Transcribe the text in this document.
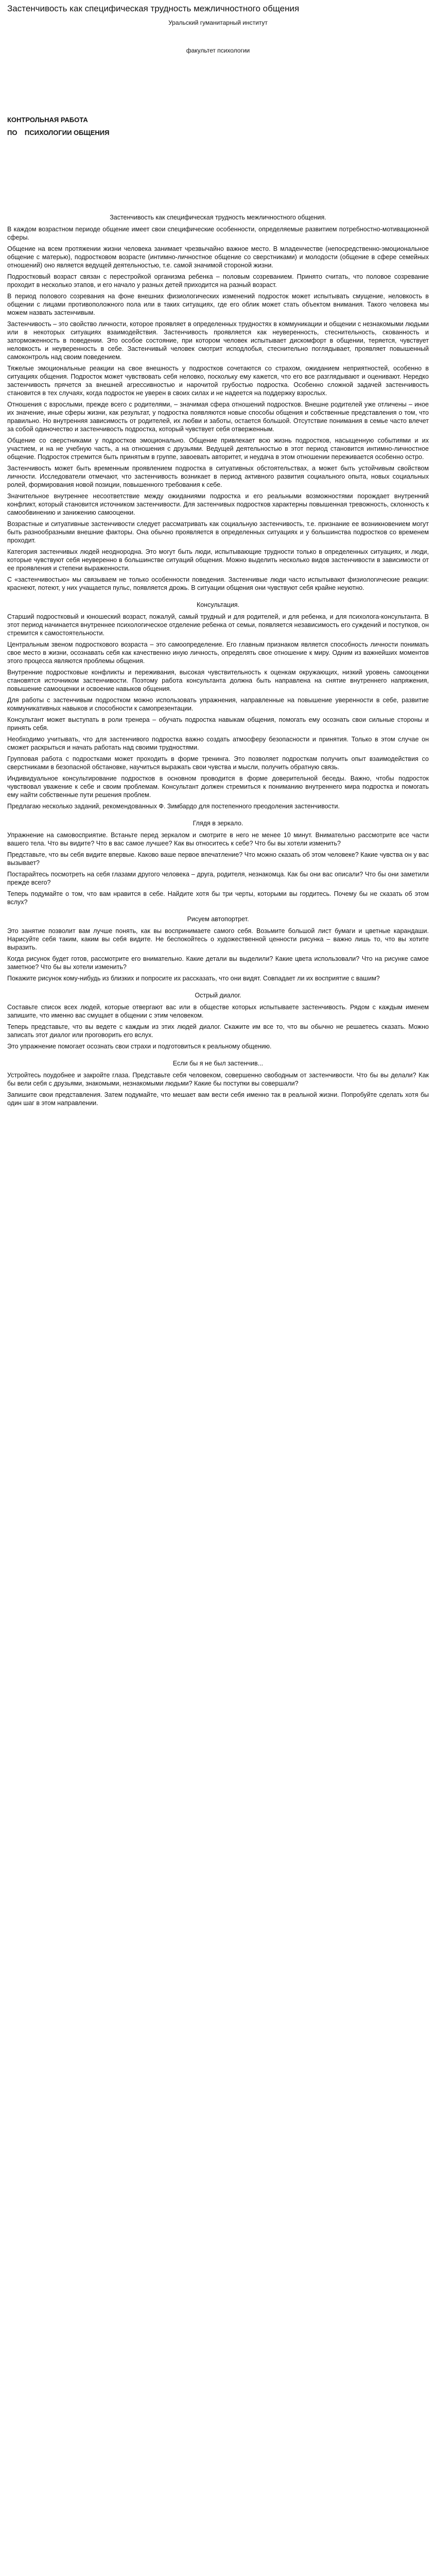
Застенчивость как специфическая трудность межличностного общения

Уральский гуманитарный институт

факультет психологии

КОНТРОЛЬНАЯ РАБОТА
ПО ПСИХОЛОГИИ ОБЩЕНИЯ
Застенчивость как специфическая трудность межличностного общения.

В каждом возрастном периоде общение имеет свои специфические особенности, определяемые развитием потребностно-мотивационной сферы.

Общение на всем протяжении жизни человека занимает чрезвычайно важное место. В младенчестве (непосредственно-эмоциональное общение с матерью), подростковом возрасте (интимно-личностное общение со сверстниками) и молодости (общение в сфере семейных отношений) оно является ведущей деятельностью, т.е. самой значимой стороной жизни.

Подростковый возраст связан с перестройкой организма ребенка – половым созреванием. Принято считать, что половое созревание проходит в несколько этапов, и его начало у разных детей приходится на разный возраст.

В период полового созревания на фоне внешних физиологических изменений подросток может испытывать смущение, неловкость в общении с лицами противоположного пола или в таких ситуациях, где его облик может стать объектом внимания. Такого человека мы можем назвать застенчивым.

Застенчивость – это свойство личности, которое проявляет в определенных трудностях в коммуникации и общении с незнакомыми людьми или в некоторых ситуациях взаимодействия. Застенчивость проявляется как неуверенность, стеснительность, скованность и заторможенность в поведении. Это особое состояние, при котором человек испытывает дискомфорт в общении, теряется, чувствует неловкость и неуверенность в себе. Застенчивый человек смотрит исподлобья, стеснительно поглядывает, проявляет повышенный самоконтроль над своим поведением.

Тяжелые эмоциональные реакции на свое внешность у подростков сочетаются со страхом, ожиданием неприятностей, особенно в ситуациях общения. Подросток может чувствовать себя неловко, поскольку ему кажется, что его все разглядывают и оценивают. Нередко застенчивость прячется за внешней агрессивностью и нарочитой грубостью подростка. Особенно сложной задачей застенчивость становится в тех случаях, когда подросток не уверен в своих силах и не надеется на поддержку взрослых.

Отношения с взрослыми, прежде всего с родителями, – значимая сфера отношений подростков. Внешне родителей уже отличены – иное их значение, иные сферы жизни, как результат, у подростка появляются новые способы общения и собственные представления о том, что правильно. Но внутренняя зависимость от родителей, их любви и заботы, остается большой. Отсутствие понимания в семье часто влечет за собой одиночество и застенчивость подростка, который чувствует себя отверженным.

Общение со сверстниками у подростков эмоционально. Общение привлекает всю жизнь подростков, насыщенную событиями и их участием, и на не учебную часть, а на отношения с друзьями. Ведущей деятельностью в этот период становится интимно-личностное общение. Подросток стремится быть принятым в группе, завоевать авторитет, и неудача в этом отношении переживается особенно остро.

Застенчивость может быть временным проявлением подростка в ситуативных обстоятельствах, а может быть устойчивым свойством личности. Исследователи отмечают, что застенчивость возникает в период активного развития социального опыта, новых социальных ролей, формирования новой позиции, повышенного требования к себе.

Значительное внутреннее несоответствие между ожиданиями подростка и его реальными возможностями порождает внутренний конфликт, который становится источником застенчивости. Для застенчивых подростков характерны повышенная тревожность, склонность к самообвинению и занижению самооценки.

Возрастные и ситуативные застенчивости следует рассматривать как социальную застенчивость, т.е. признание ее возникновением могут быть разнообразными внешние факторы. Она обычно проявляется в определенных ситуациях и у большинства подростков со временем проходит.

Категория застенчивых людей неоднородна. Это могут быть люди, испытывающие трудности только в определенных ситуациях, и люди, которые чувствуют себя неуверенно в большинстве ситуаций общения. Можно выделить несколько видов застенчивости в зависимости от ее проявления и степени выраженности.

С «застенчивостью» мы связываем не только особенности поведения. Застенчивые люди часто испытывают физиологические реакции: краснеют, потеют, у них учащается пульс, появляется дрожь. В ситуации общения они чувствуют себя крайне неуютно.

Консультация.

Старший подростковый и юношеский возраст, пожалуй, самый трудный и для родителей, и для ребенка, и для психолога-консультанта. В этот период начинается внутреннее психологическое отделение ребенка от семьи, появляется независимость его суждений и поступков, он стремится к самостоятельности.

Центральным звеном подросткового возраста – это самоопределение. Его главным признаком является способность личности понимать свое место в жизни, осознавать себя как качественно иную личность, определять свое отношение к миру. Одним из важнейших моментов этого процесса являются проблемы общения.

Внутренние подростковые конфликты и переживания, высокая чувствительность к оценкам окружающих, низкий уровень самооценки становятся источником застенчивости. Поэтому работа консультанта должна быть направлена на снятие внутреннего напряжения, повышение самооценки и освоение навыков общения.

Для работы с застенчивым подростком можно использовать упражнения, направленные на повышение уверенности в себе, развитие коммуникативных навыков и способности к самопрезентации.

Консультант может выступать в роли тренера – обучать подростка навыкам общения, помогать ему осознать свои сильные стороны и принять себя.

Необходимо учитывать, что для застенчивого подростка важно создать атмосферу безопасности и принятия. Только в этом случае он сможет раскрыться и начать работать над своими трудностями.

Групповая работа с подростками может проходить в форме тренинга. Это позволяет подросткам получить опыт взаимодействия со сверстниками в безопасной обстановке, научиться выражать свои чувства и мысли, получить обратную связь.

Индивидуальное консультирование подростков в основном проводится в форме доверительной беседы. Важно, чтобы подросток чувствовал уважение к себе и своим проблемам. Консультант должен стремиться к пониманию внутреннего мира подростка и помогать ему найти собственные пути решения проблем.

Предлагаю несколько заданий, рекомендованных Ф. Зимбардо для постепенного преодоления застенчивости.

Глядя в зеркало.

Упражнение на самовосприятие. Встаньте перед зеркалом и смотрите в него не менее 10 минут. Внимательно рассмотрите все части вашего тела. Что вы видите? Что в вас самое лучшее? Как вы относитесь к себе? Что бы вы хотели изменить?

Представьте, что вы себя видите впервые. Каково ваше первое впечатление? Что можно сказать об этом человеке? Какие чувства он у вас вызывает?

Постарайтесь посмотреть на себя глазами другого человека – друга, родителя, незнакомца. Как бы они вас описали? Что бы они заметили прежде всего?

Теперь подумайте о том, что вам нравится в себе. Найдите хотя бы три черты, которыми вы гордитесь. Почему бы не сказать об этом вслух?

Рисуем автопортрет.

Это занятие позволит вам лучше понять, как вы воспринимаете самого себя. Возьмите большой лист бумаги и цветные карандаши. Нарисуйте себя таким, каким вы себя видите. Не беспокойтесь о художественной ценности рисунка – важно лишь то, что вы хотите выразить.

Когда рисунок будет готов, рассмотрите его внимательно. Какие детали вы выделили? Какие цвета использовали? Что на рисунке самое заметное? Что бы вы хотели изменить?

Покажите рисунок кому-нибудь из близких и попросите их рассказать, что они видят. Совпадает ли их восприятие с вашим?

Острый диалог.

Составьте список всех людей, которые отвергают вас или в обществе которых испытываете застенчивость. Рядом с каждым именем запишите, что именно вас смущает в общении с этим человеком.

Теперь представьте, что вы ведете с каждым из этих людей диалог. Скажите им все то, что вы обычно не решаетесь сказать. Можно записать этот диалог или проговорить его вслух.

Это упражнение помогает осознать свои страхи и подготовиться к реальному общению.

Если бы я не был застенчив...

Устройтесь поудобнее и закройте глаза. Представьте себя человеком, совершенно свободным от застенчивости. Что бы вы делали? Как бы вели себя с друзьями, знакомыми, незнакомыми людьми? Какие бы поступки вы совершали?

Запишите свои представления. Затем подумайте, что мешает вам вести себя именно так в реальной жизни. Попробуйте сделать хотя бы один шаг в этом направлении.
